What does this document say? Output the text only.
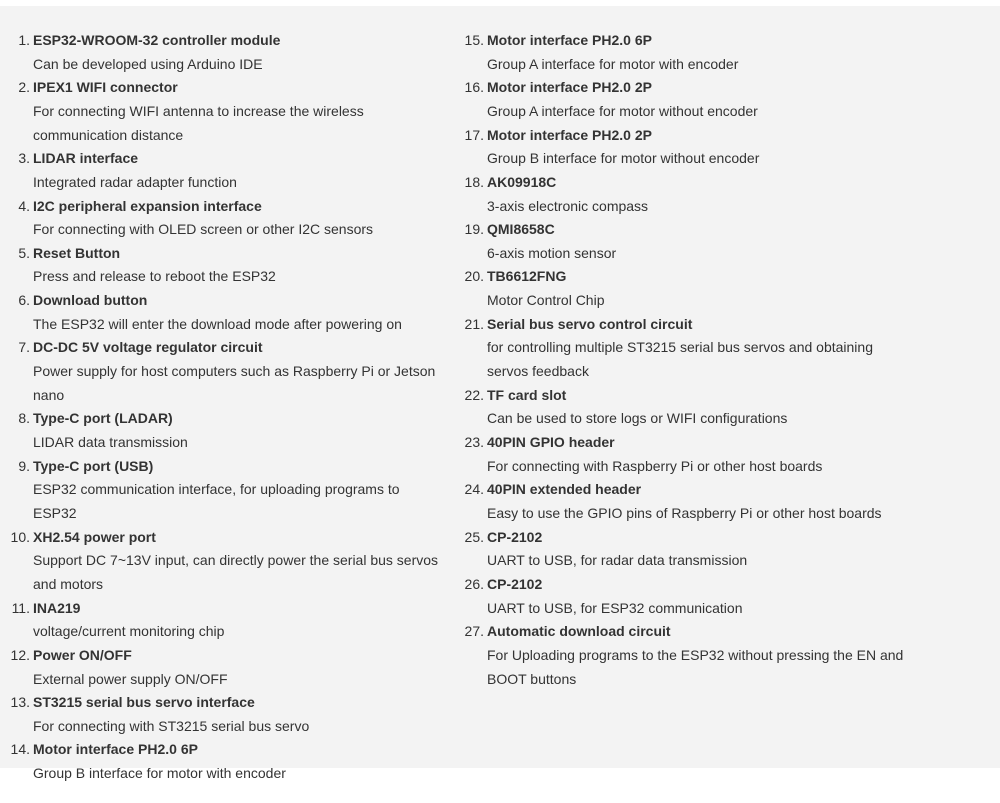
1. ESP32-WROOM-32 controller module
Can be developed using Arduino IDE
2. IPEX1 WIFI connector
For connecting WIFI antenna to increase the wireless communication distance
3. LIDAR interface
Integrated radar adapter function
4. I2C peripheral expansion interface
For connecting with OLED screen or other I2C sensors
5. Reset Button
Press and release to reboot the ESP32
6. Download button
The ESP32 will enter the download mode after powering on
7. DC-DC 5V voltage regulator circuit
Power supply for host computers such as Raspberry Pi or Jetson nano
8. Type-C port (LADAR)
LIDAR data transmission
9. Type-C port (USB)
ESP32 communication interface, for uploading programs to ESP32
10. XH2.54 power port
Support DC 7~13V input, can directly power the serial bus servos and motors
11. INA219
voltage/current monitoring chip
12. Power ON/OFF
External power supply ON/OFF
13. ST3215 serial bus servo interface
For connecting with ST3215 serial bus servo
14. Motor interface PH2.0 6P
Group B interface for motor with encoder
15. Motor interface PH2.0 6P
Group A interface for motor with encoder
16. Motor interface PH2.0 2P
Group A interface for motor without encoder
17. Motor interface PH2.0 2P
Group B interface for motor without encoder
18. AK09918C
3-axis electronic compass
19. QMI8658C
6-axis motion sensor
20. TB6612FNG
Motor Control Chip
21. Serial bus servo control circuit
for controlling multiple ST3215 serial bus servos and obtaining servos feedback
22. TF card slot
Can be used to store logs or WIFI configurations
23. 40PIN GPIO header
For connecting with Raspberry Pi or other host boards
24. 40PIN extended header
Easy to use the GPIO pins of Raspberry Pi or other host boards
25. CP-2102
UART to USB, for radar data transmission
26. CP-2102
UART to USB, for ESP32 communication
27. Automatic download circuit
For Uploading programs to the ESP32 without pressing the EN and BOOT buttons
